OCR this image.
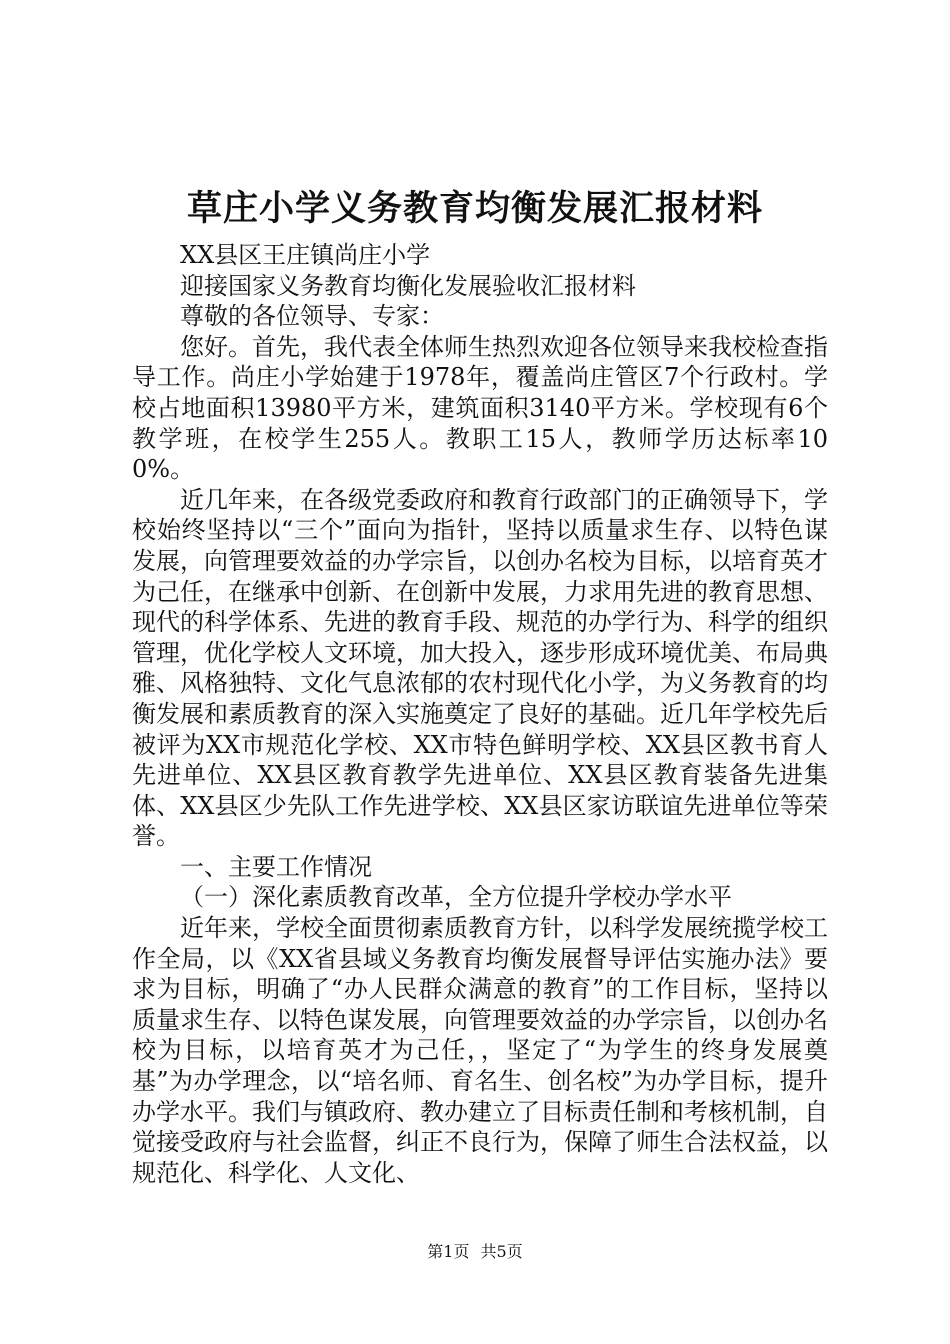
草庄小学义务教育均衡发展汇报材料

XX县区王庄镇尚庄小学

迎接国家义务教育均衡化发展验收汇报材料

尊敬的各位领导、专家：

您好。首先，我代表全体师生热烈欢迎各位领导来我校检查指导工作。尚庄小学始建于1978年，覆盖尚庄管区7个行政村。学校占地面积13980平方米，建筑面积3140平方米。学校现有6个教学班，在校学生255人。教职工15人，教师学历达标率100%。

近几年来，在各级党委政府和教育行政部门的正确领导下，学校始终坚持以“三个”面向为指针，坚持以质量求生存、以特色谋发展，向管理要效益的办学宗旨，以创办名校为目标，以培育英才为己任，在继承中创新、在创新中发展，力求用先进的教育思想、现代的科学体系、先进的教育手段、规范的办学行为、科学的组织管理，优化学校人文环境，加大投入，逐步形成环境优美、布局典雅、风格独特、文化气息浓郁的农村现代化小学，为义务教育的均衡发展和素质教育的深入实施奠定了良好的基础。近几年学校先后被评为XX市规范化学校、XX市特色鲜明学校、XX县区教书育人先进单位、XX县区教育教学先进单位、XX县区教育装备先进集体、XX县区少先队工作先进学校、XX县区家访联谊先进单位等荣誉。

一、主要工作情况

（一）深化素质教育改革，全方位提升学校办学水平

近年来，学校全面贯彻素质教育方针，以科学发展统揽学校工作全局，以《XX省县域义务教育均衡发展督导评估实施办法》要求为目标，明确了“办人民群众满意的教育”的工作目标，坚持以质量求生存、以特色谋发展，向管理要效益的办学宗旨，以创办名校为目标，以培育英才为己任，，坚定了“为学生的终身发展奠基”为办学理念，以“培名师、育名生、创名校”为办学目标，提升办学水平。我们与镇政府、教办建立了目标责任制和考核机制，自觉接受政府与社会监督，纠正不良行为，保障了师生合法权益，以规范化、科学化、人文化、

第1页 共5页
